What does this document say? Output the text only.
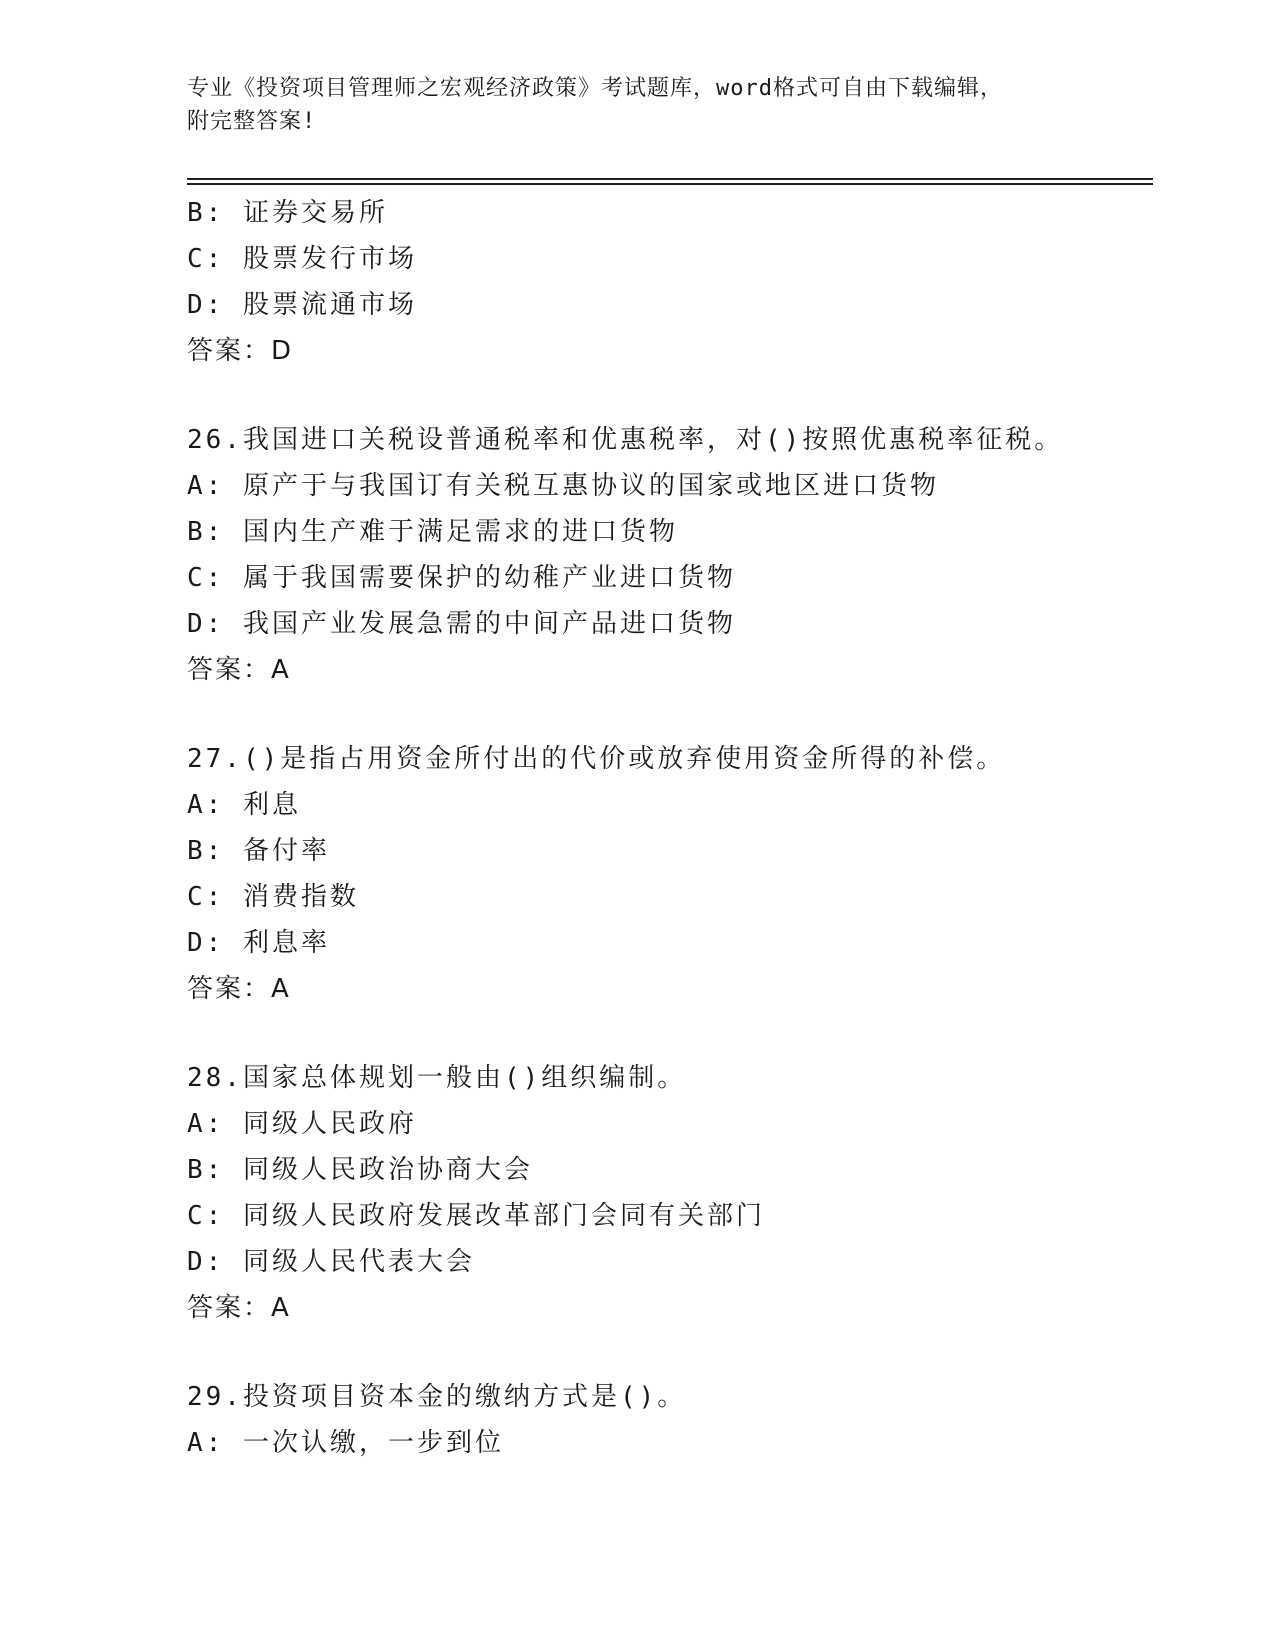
专业《投资项目管理师之宏观经济政策》考试题库，word格式可自由下载编辑，
附完整答案!
B: 证券交易所
C: 股票发行市场
D: 股票流通市场
答案：D
26.我国进口关税设普通税率和优惠税率，对()按照优惠税率征税。
A: 原产于与我国订有关税互惠协议的国家或地区进口货物
B: 国内生产难于满足需求的进口货物
C: 属于我国需要保护的幼稚产业进口货物
D: 我国产业发展急需的中间产品进口货物
答案：A
27.()是指占用资金所付出的代价或放弃使用资金所得的补偿。
A: 利息
B: 备付率
C: 消费指数
D: 利息率
答案：A
28.国家总体规划一般由()组织编制。
A: 同级人民政府
B: 同级人民政治协商大会
C: 同级人民政府发展改革部门会同有关部门
D: 同级人民代表大会
答案：A
29.投资项目资本金的缴纳方式是()。
A: 一次认缴，一步到位
